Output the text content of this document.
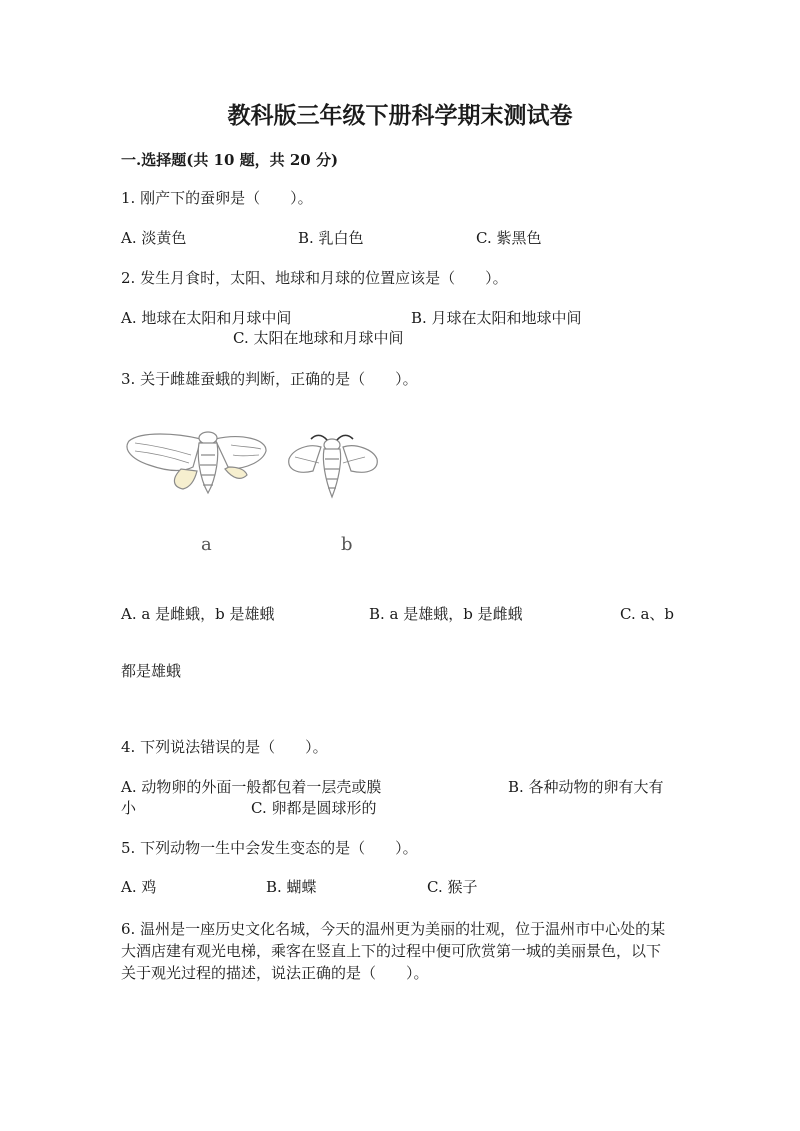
教科版三年级下册科学期末测试卷
一.选择题(共 10 题，共 20 分)
1. 刚产下的蚕卵是（　　）。
A. 淡黄色	B. 乳白色	C. 紫黑色
2. 发生月食时，太阳、地球和月球的位置应该是（　　）。
A. 地球在太阳和月球中间	B. 月球在太阳和地球中间
C. 太阳在地球和月球中间
3. 关于雌雄蚕蛾的判断，正确的是（　　）。
a	b
A. a 是雌蛾，b 是雄蛾	B. a 是雄蛾，b 是雌蛾	C. a、b
都是雄蛾
4. 下列说法错误的是（　　）。
A. 动物卵的外面一般都包着一层壳或膜	B. 各种动物的卵有大有
小	C. 卵都是圆球形的
5. 下列动物一生中会发生变态的是（　　）。
A. 鸡	B. 蝴蝶	C. 猴子
6. 温州是一座历史文化名城，今天的温州更为美丽的壮观，位于温州市中心处的某大酒店建有观光电梯，乘客在竖直上下的过程中便可欣赏第一城的美丽景色，以下关于观光过程的描述，说法正确的是（　　）。
